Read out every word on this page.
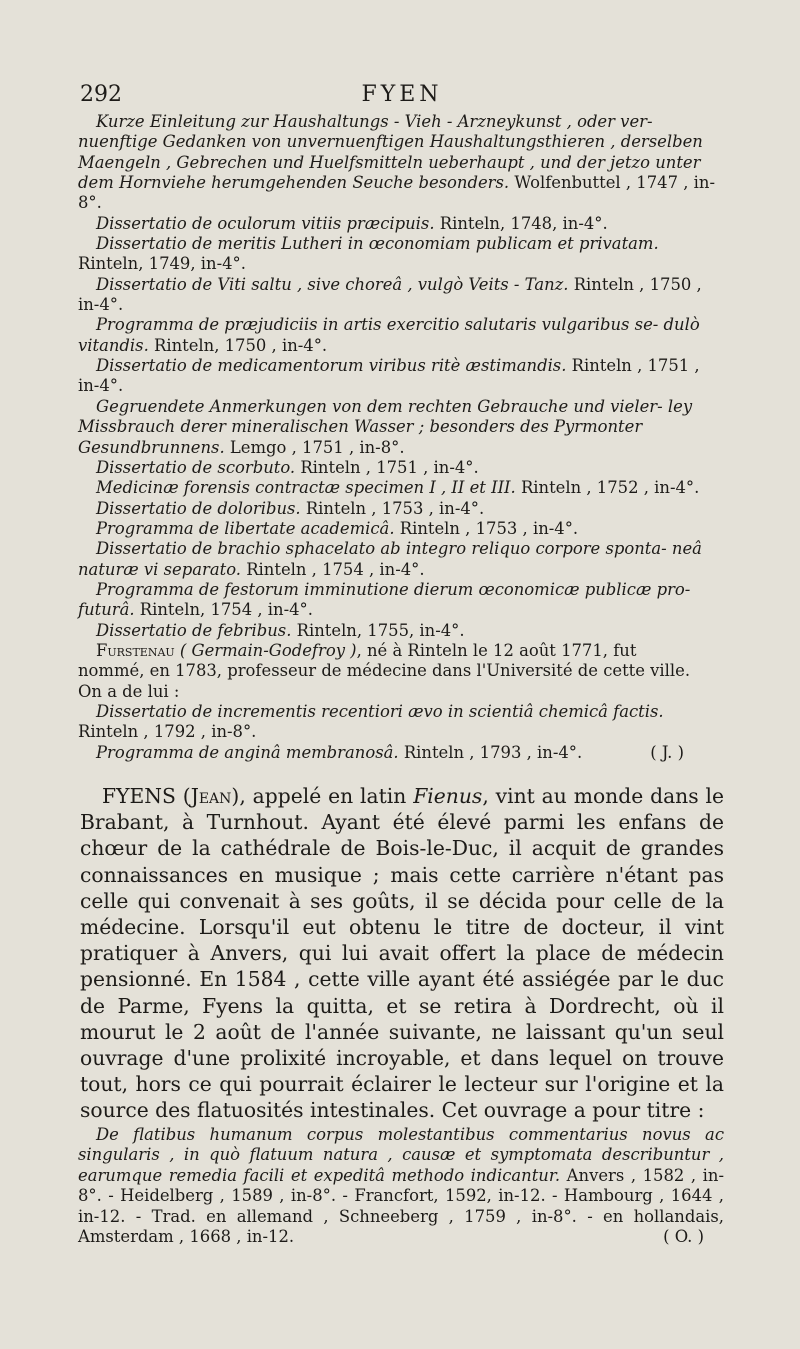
292	FYEN

Kurze Einleitung zur Haushaltungs - Vieh - Arzneykunst , oder ver- nuenftige Gedanken von unvernuenftigen Haushaltungsthieren , derselben Maengeln , Gebrechen und Huelfsmitteln ueberhaupt , und der jetzo unter dem Hornviehe herumgehenden Seuche besonders. Wolfenbuttel , 1747 , in-8°.

Dissertatio de oculorum vitiis præcipuis. Rinteln, 1748, in-4°.

Dissertatio de meritis Lutheri in œconomiam publicam et privatam. Rinteln, 1749, in-4°.

Dissertatio de Viti saltu , sive choreâ , vulgò Veits - Tanz. Rinteln , 1750 , in-4°.

Programma de præjudiciis in artis exercitio salutaris vulgaribus se- dulò vitandis. Rinteln, 1750 , in-4°.

Dissertatio de medicamentorum viribus ritè æstimandis. Rinteln , 1751 , in-4°.

Gegruendete Anmerkungen von dem rechten Gebrauche und vieler- ley Missbrauch derer mineralischen Wasser ; besonders des Pyrmonter Gesundbrunnens. Lemgo , 1751 , in-8°.

Dissertatio de scorbuto. Rinteln , 1751 , in-4°.

Medicinæ forensis contractæ specimen I , II et III. Rinteln , 1752 , in-4°.

Dissertatio de doloribus. Rinteln , 1753 , in-4°.

Programma de libertate academicâ. Rinteln , 1753 , in-4°.

Dissertatio de brachio sphacelato ab integro reliquo corpore sponta- neâ naturæ vi separato. Rinteln , 1754 , in-4°.

Programma de festorum imminutione dierum œconomicæ publicæ pro- futurâ. Rinteln, 1754 , in-4°.

Dissertatio de febribus. Rinteln, 1755, in-4°.

Furstenau ( Germain-Godefroy ), né à Rinteln le 12 août 1771, fut
nommé, en 1783, professeur de médecine dans l'Université de cette ville.
On a de lui :
Dissertatio de incrementis recentiori ævo in scientiâ chemicâ factis.
Rinteln , 1792 , in-8°.
Programma de anginâ membranosâ. Rinteln , 1793 , in-4°.	( J. )

FYENS (Jean), appelé en latin Fienus, vint au monde dans le Brabant, à Turnhout. Ayant été élevé parmi les enfans de chœur de la cathédrale de Bois-le-Duc, il acquit de grandes connaissances en musique ; mais cette carrière n'étant pas celle qui convenait à ses goûts, il se décida pour celle de la médecine. Lorsqu'il eut obtenu le titre de docteur, il vint pratiquer à Anvers, qui lui avait offert la place de médecin pensionné. En 1584 , cette ville ayant été assiégée par le duc de Parme, Fyens la quitta, et se retira à Dordrecht, où il mourut le 2 août de l'année suivante, ne laissant qu'un seul ouvrage d'une prolixité incroyable, et dans lequel on trouve tout, hors ce qui pourrait éclairer le lecteur sur l'origine et la source des flatuosités intestinales. Cet ouvrage a pour titre :

De flatibus humanum corpus molestantibus commentarius novus ac singularis , in quò flatuum natura , causæ et symptomata describuntur , earumque remedia facili et expeditâ methodo indicantur. Anvers , 1582 , in-8°. - Heidelberg , 1589 , in-8°. - Francfort, 1592, in-12. - Hambourg , 1644 , in-12. - Trad. en allemand , Schneeberg , 1759 , in-8°. - en hollandais, Amsterdam , 1668 , in-12.	( O. )
